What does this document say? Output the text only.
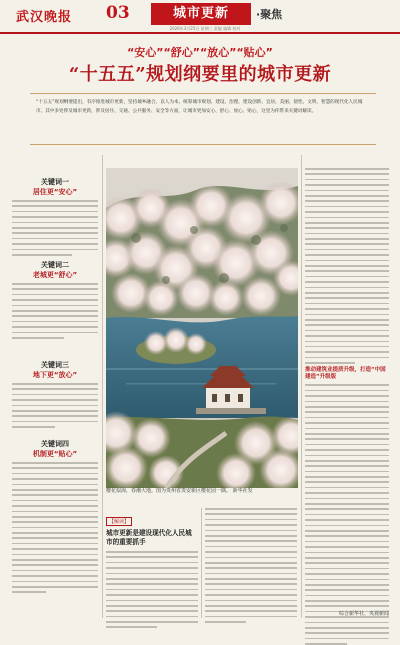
武汉晚报 03	城市更新	·聚焦
2026年3月25日 星期三 责编 编辑 校对
“安心”“舒心”“放心”“贴心”
“十五五”规划纲要里的城市更新
“十五五”规划纲要提出，有序推进城市更新，坚持城乡融合、以人为本，统筹城市规划、建设、治理，建设创新、宜居、美丽、韧性、文明、智慧的现代化人民城市。其中多处涉及城市更新，涉及居住、交通、公共服务、安全等方面，让城市更加安心、舒心、放心、贴心，这里为你带来关键词解读。
关键词一
居住更“安心”
关键词二
老城更“舒心”
关键词三
地下更“放心”
关键词四
机制更“贴心”
樱花似海，春潮大地。图为贵州省贵安新区樱花园一隅。 新华社发
推动建筑业提质升级，打造“中国建造”升级版
【解读】
城市更新是建设现代化人民城市的重要抓手
综合新华社、央视新闻
